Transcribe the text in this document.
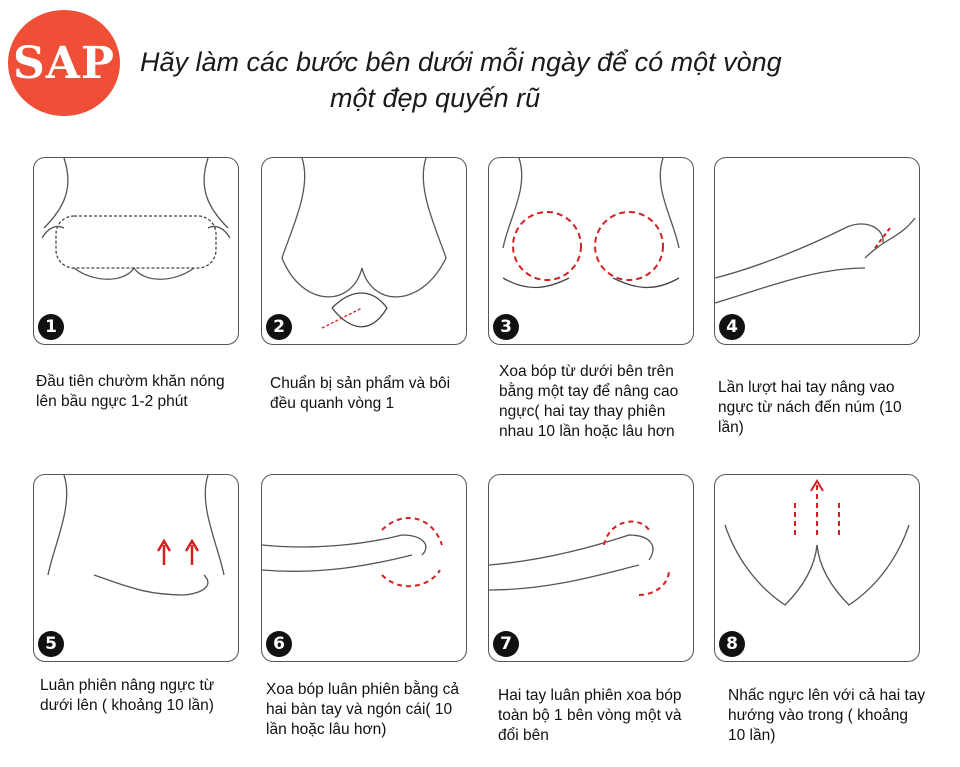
SAP Hãy làm các bước bên dưới mỗi ngày để có một vòng
một đẹp quyến rũ
1	2	3	4
5	6	7	8
Đầu tiên chườm khăn nóng lên bầu ngực 1-2 phút
Chuẩn bị sản phẩm và bôi đều quanh vòng 1
Xoa bóp từ dưới bên trên bằng một tay để nâng cao ngực( hai tay thay phiên nhau 10 lần hoặc lâu hơn
Lần lượt hai tay nâng vao ngực từ nách đến núm (10 lần)
Luân phiên nâng ngực từ dưới lên ( khoảng 10 lần)
Xoa bóp luân phiên bằng cả hai bàn tay và ngón cái( 10 lần hoặc lâu hơn)
Hai tay luân phiên xoa bóp toàn bộ 1 bên vòng một và đổi bên
Nhấc ngực lên với cả hai tay hướng vào trong ( khoảng 10 lần)
